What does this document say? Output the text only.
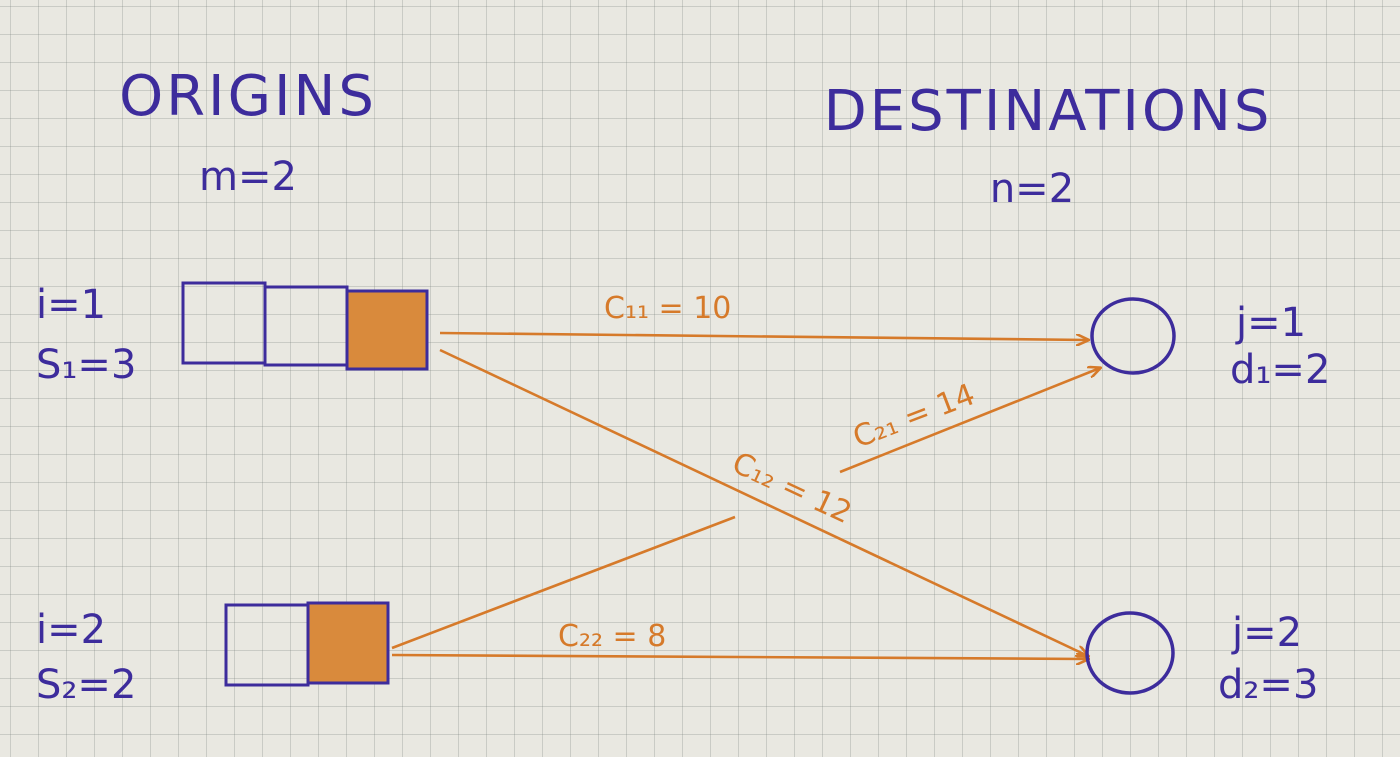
ORIGINS
m=2
DESTINATIONS
n=2
i=1
S₁=3
i=2
S₂=2
C₁₁ = 10
C₂₁ = 14
C₁₂ = 12
C₂₂ = 8
j=1
d₁=2
j=2
d₂=3
